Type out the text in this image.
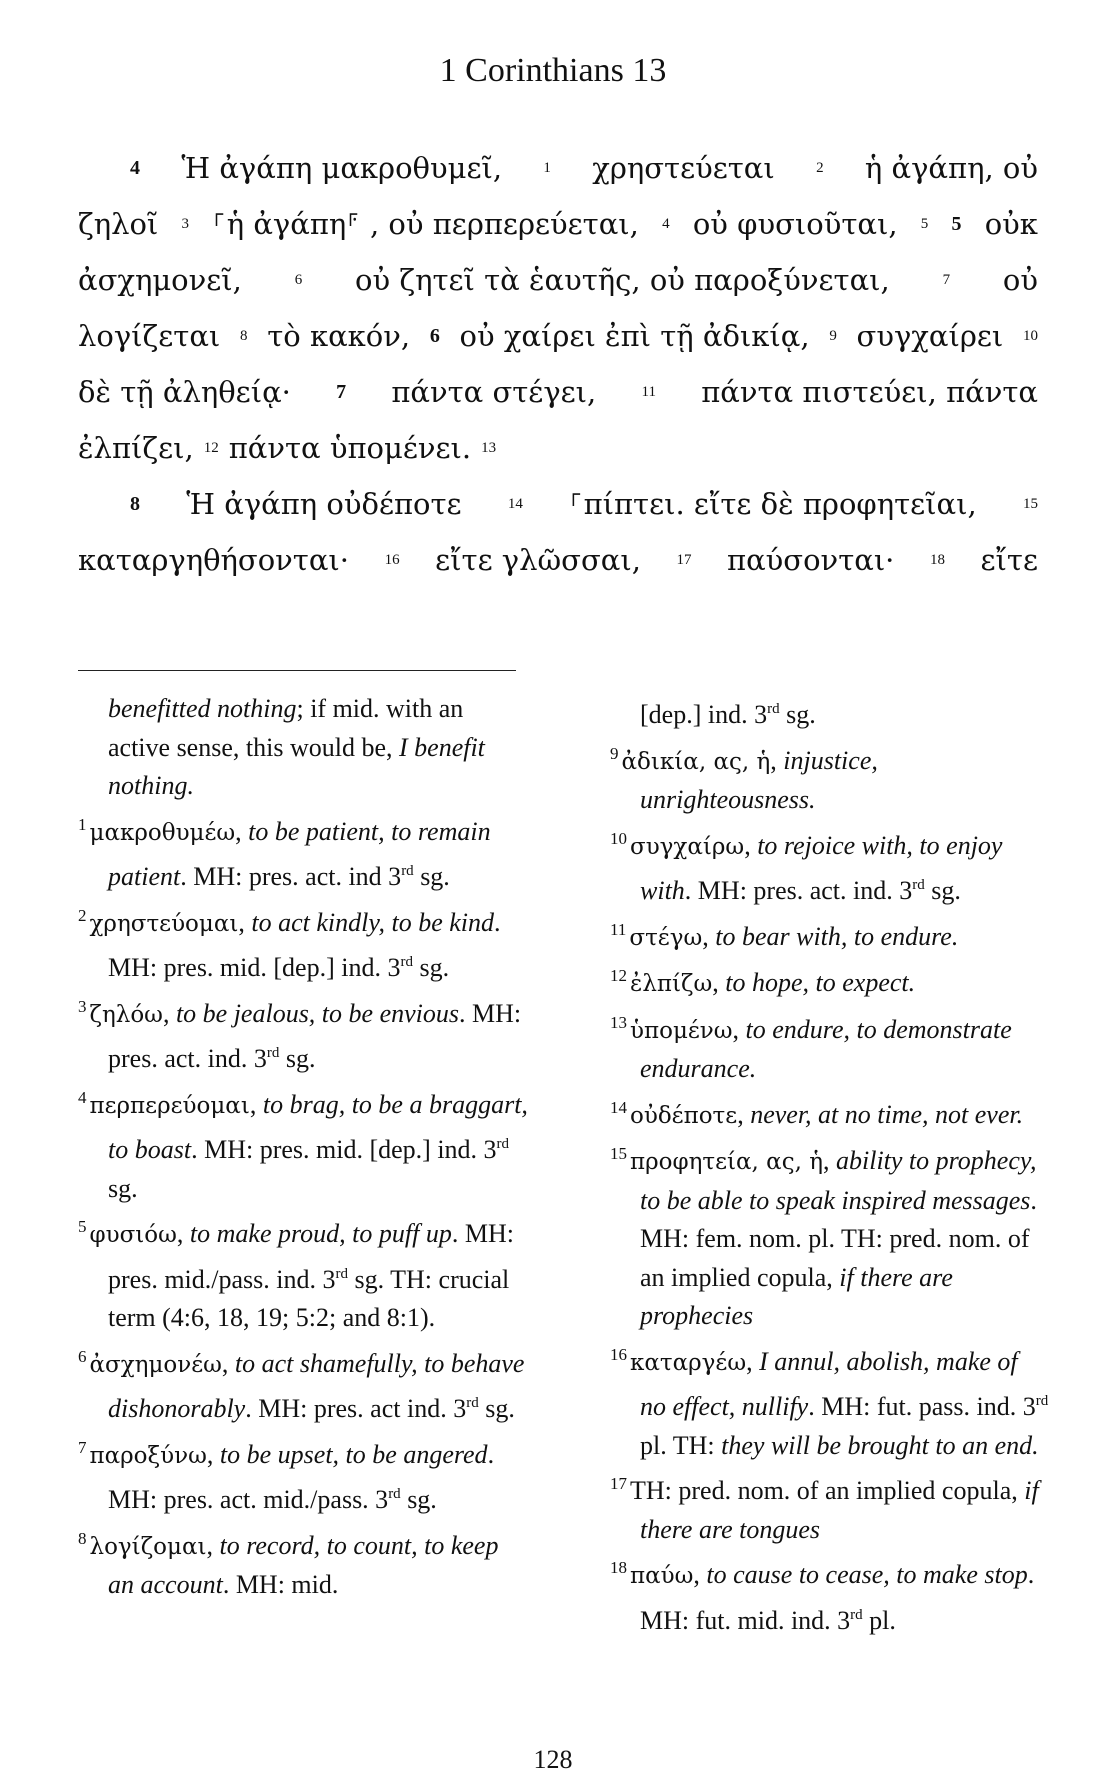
1 Corinthians 13
4 Ἡ ἀγάπη μακροθυμεῖ,	1 χρηστεύεται	2 ἡ ἀγάπη, οὐ
ζηλοῖ 3 ⸀ἡ ἀγάπη⸁ , οὐ περπερεύεται, 4 οὐ φυσιοῦται, 5 5 οὐκ
ἀσχημονεῖ,	6 οὐ ζητεῖ τὰ ἑαυτῆς, οὐ παροξύνεται,	7 οὐ
λογίζεται 8 τὸ κακόν, 6 οὐ χαίρει ἐπὶ τῇ ἀδικίᾳ, 9 συγχαίρει 10
δὲ τῇ ἀληθείᾳ· 7 πάντα στέγει,	11 πάντα πιστεύει, πάντα
ἐλπίζει, 12 πάντα ὑπομένει. 13
8 Ἡ ἀγάπη οὐδέποτε	14 ⸀πίπτει. εἴτε δὲ προφητεῖαι,	15
καταργηθήσονται· 16 εἴτε γλῶσσαι, 17 παύσονται· 18 εἴτε

benefitted nothing; if mid. with an active sense, this would be, I benefit nothing.

$^1$ μακροθυμέω, to be patient, to remain patient. MH: pres. act. ind 3rd sg.

$^2$ χρηστεύομαι, to act kindly, to be kind. MH: pres. mid. [dep.] ind. 3rd sg.

$^3$ ζηλόω, to be jealous, to be envious. MH: pres. act. ind. 3rd sg.

$^4$ περπερεύομαι, to brag, to be a braggart, to boast. MH: pres. mid. [dep.] ind. 3rd sg.

$^5$ φυσιόω, to make proud, to puff up. MH: pres. mid./pass. ind. 3rd sg. TH: crucial term (4:6, 18, 19; 5:2; and 8:1).

$^6$ ἀσχημονέω, to act shamefully, to behave dishonorably. MH: pres. act ind. 3rd sg.

$^7$ παροξύνω, to be upset, to be angered. MH: pres. act. mid./pass. 3rd sg.

$^8$ λογίζομαι, to record, to count, to keep an account. MH: mid.

[dep.] ind. 3rd sg.

$^9$ ἀδικία, ας, ἡ, injustice, unrighteousness.

$^{10}$ συγχαίρω, to rejoice with, to enjoy with. MH: pres. act. ind. 3rd sg.

$^{11}$ στέγω, to bear with, to endure.

$^{12}$ ἐλπίζω, to hope, to expect.

$^{13}$ ὑπομένω, to endure, to demonstrate endurance.

$^{14}$ οὐδέποτε, never, at no time, not ever.

$^{15}$ προφητεία, ας, ἡ, ability to prophecy, to be able to speak inspired messages. MH: fem. nom. pl. TH: pred. nom. of an implied copula, if there are prophecies

$^{16}$ καταργέω, I annul, abolish, make of no effect, nullify. MH: fut. pass. ind. 3rd pl. TH: they will be brought to an end.

$^{17}$ TH: pred. nom. of an implied copula, if there are tongues

$^{18}$ παύω, to cause to cease, to make stop. MH: fut. mid. ind. 3rd pl.

128
